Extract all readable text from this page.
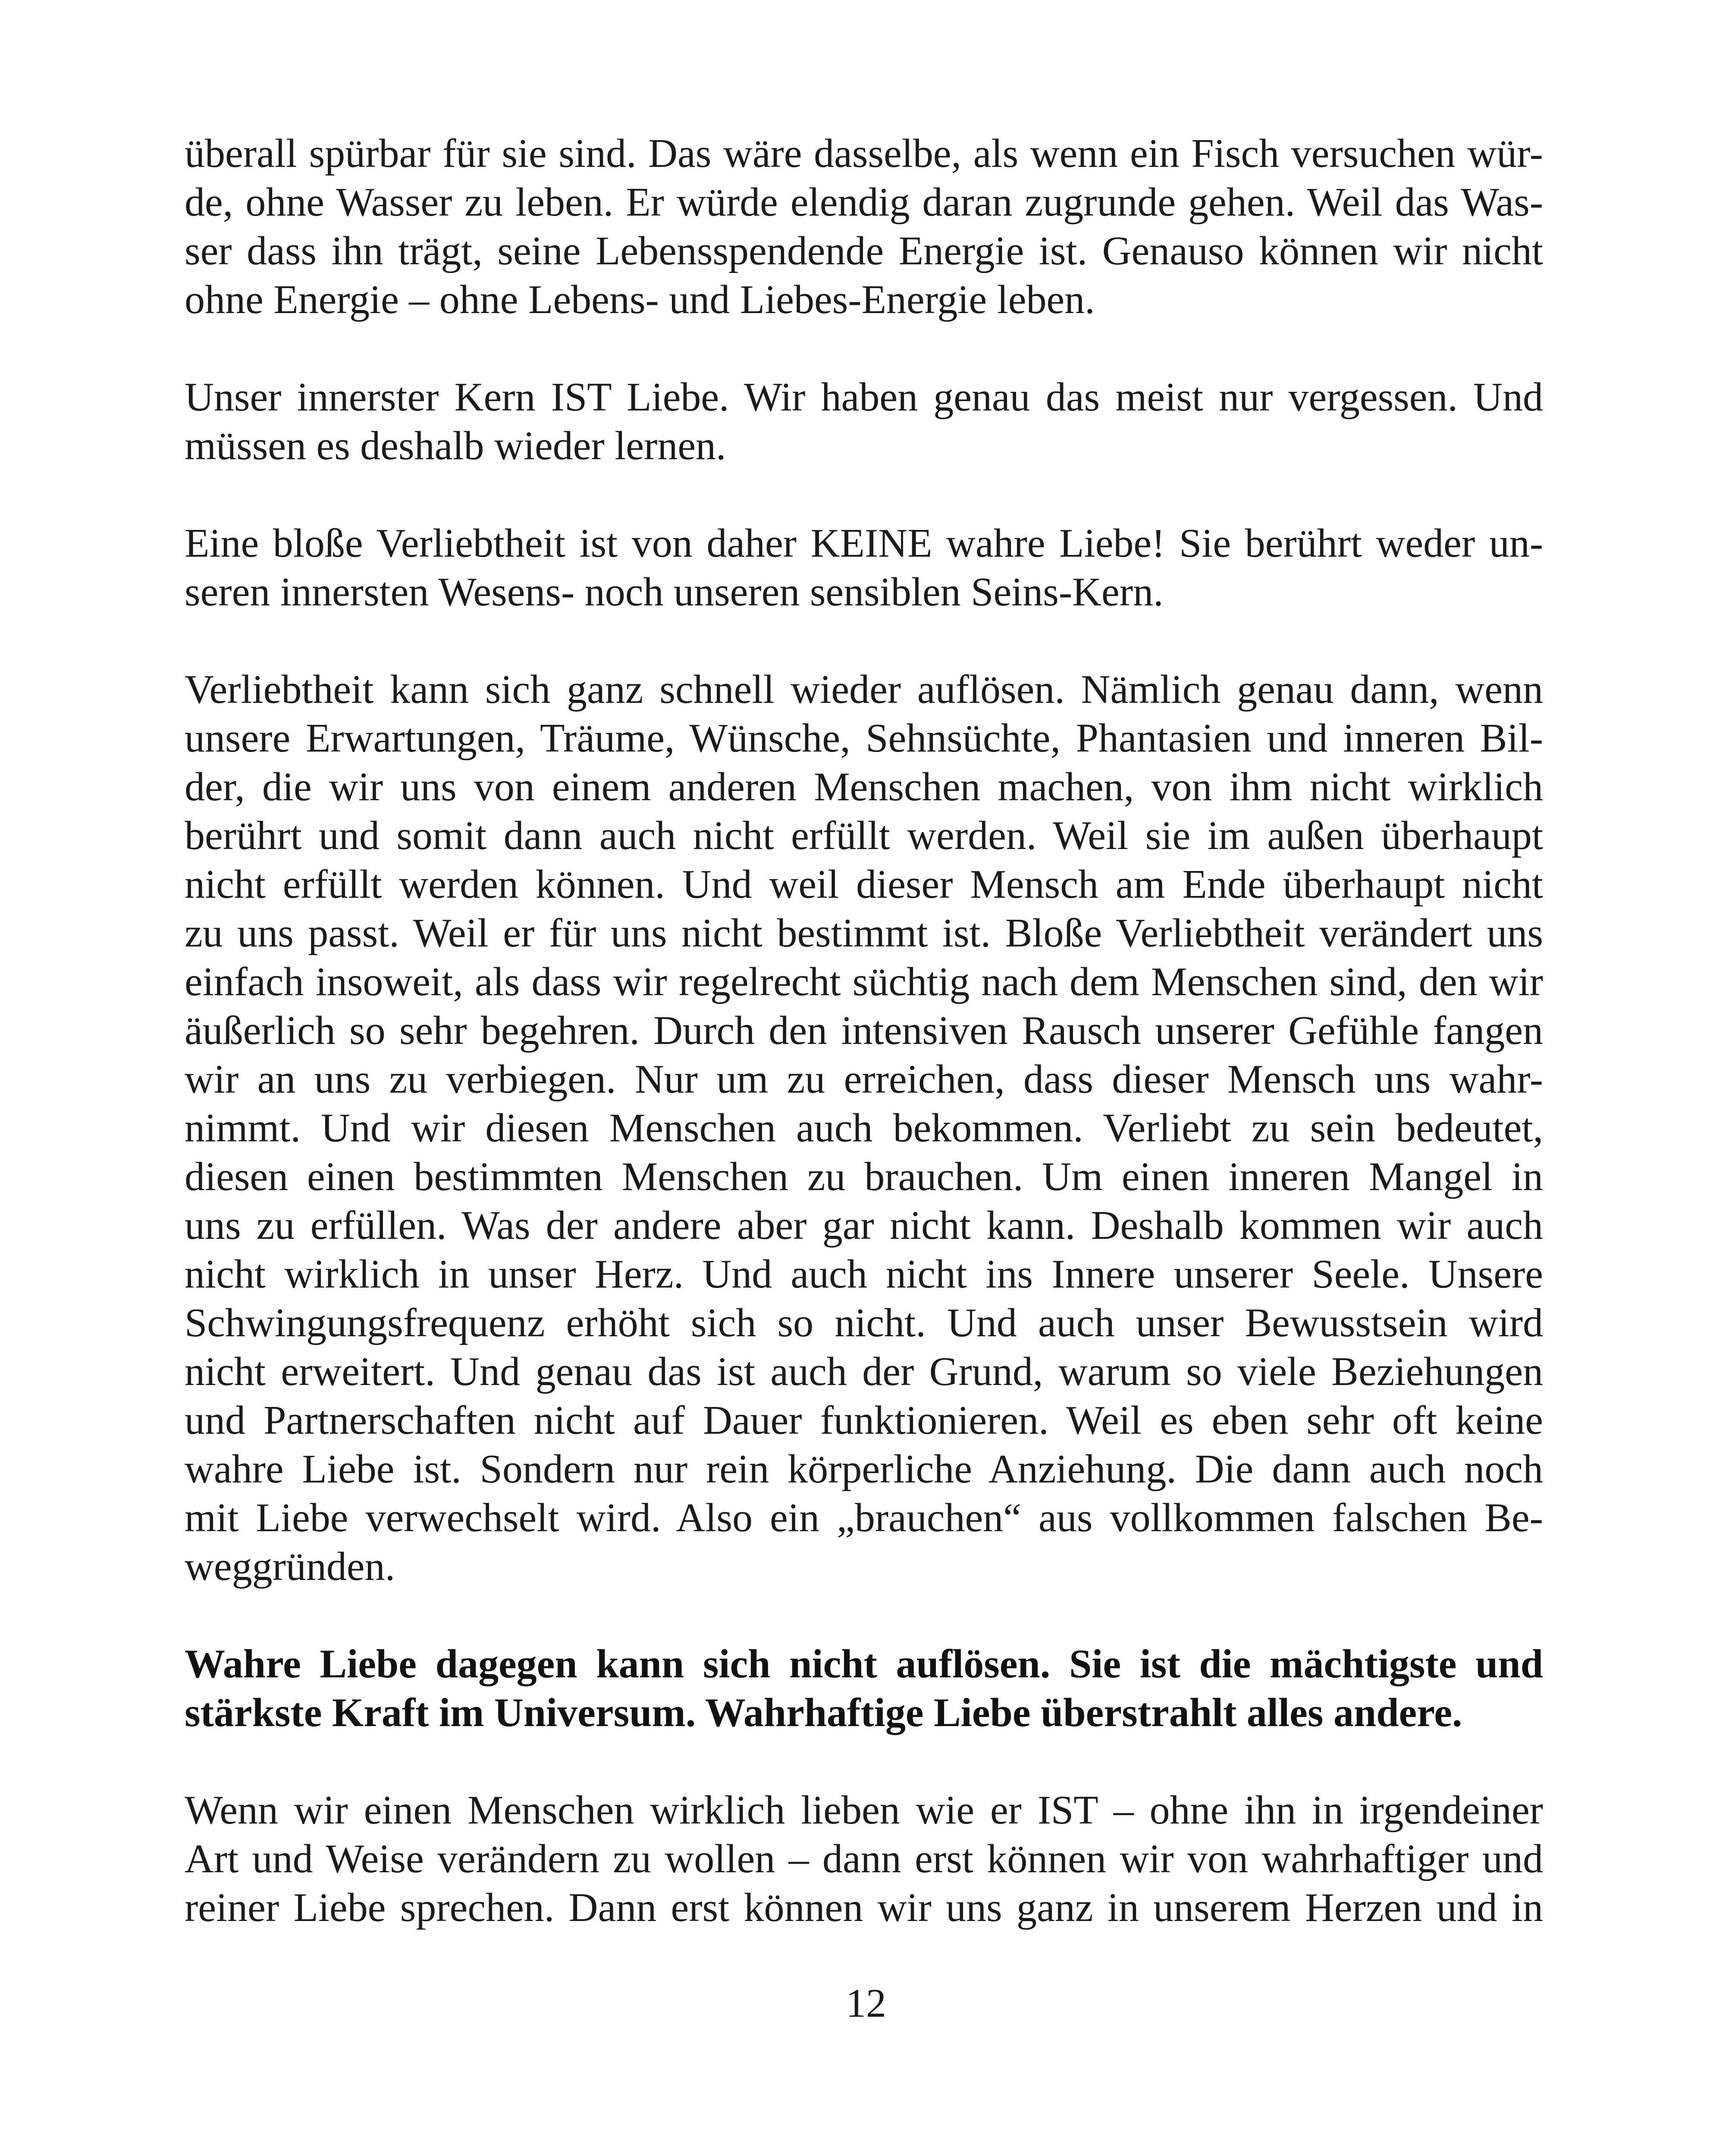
überall spürbar für sie sind. Das wäre dasselbe, als wenn ein Fisch versuchen wür-
de, ohne Wasser zu leben. Er würde elendig daran zugrunde gehen. Weil das Was-
ser dass ihn trägt, seine Lebensspendende Energie ist. Genauso können wir nicht
ohne Energie – ohne Lebens- und Liebes-Energie leben.
Unser innerster Kern IST Liebe. Wir haben genau das meist nur vergessen. Und
müssen es deshalb wieder lernen.
Eine bloße Verliebtheit ist von daher KEINE wahre Liebe! Sie berührt weder un-
seren innersten Wesens- noch unseren sensiblen Seins-Kern.
Verliebtheit kann sich ganz schnell wieder auflösen. Nämlich genau dann, wenn
unsere Erwartungen, Träume, Wünsche, Sehnsüchte, Phantasien und inneren Bil-
der, die wir uns von einem anderen Menschen machen, von ihm nicht wirklich
berührt und somit dann auch nicht erfüllt werden. Weil sie im außen überhaupt
nicht erfüllt werden können. Und weil dieser Mensch am Ende überhaupt nicht
zu uns passt. Weil er für uns nicht bestimmt ist. Bloße Verliebtheit verändert uns
einfach insoweit, als dass wir regelrecht süchtig nach dem Menschen sind, den wir
äußerlich so sehr begehren. Durch den intensiven Rausch unserer Gefühle fangen
wir an uns zu verbiegen. Nur um zu erreichen, dass dieser Mensch uns wahr-
nimmt. Und wir diesen Menschen auch bekommen. Verliebt zu sein bedeutet,
diesen einen bestimmten Menschen zu brauchen. Um einen inneren Mangel in
uns zu erfüllen. Was der andere aber gar nicht kann. Deshalb kommen wir auch
nicht wirklich in unser Herz. Und auch nicht ins Innere unserer Seele. Unsere
Schwingungsfrequenz erhöht sich so nicht. Und auch unser Bewusstsein wird
nicht erweitert. Und genau das ist auch der Grund, warum so viele Beziehungen
und Partnerschaften nicht auf Dauer funktionieren. Weil es eben sehr oft keine
wahre Liebe ist. Sondern nur rein körperliche Anziehung. Die dann auch noch
mit Liebe verwechselt wird. Also ein „brauchen“ aus vollkommen falschen Be-
weggründen.
Wahre Liebe dagegen kann sich nicht auflösen. Sie ist die mächtigste und
stärkste Kraft im Universum. Wahrhaftige Liebe überstrahlt alles andere.
Wenn wir einen Menschen wirklich lieben wie er IST – ohne ihn in irgendeiner
Art und Weise verändern zu wollen – dann erst können wir von wahrhaftiger und
reiner Liebe sprechen. Dann erst können wir uns ganz in unserem Herzen und in
12
